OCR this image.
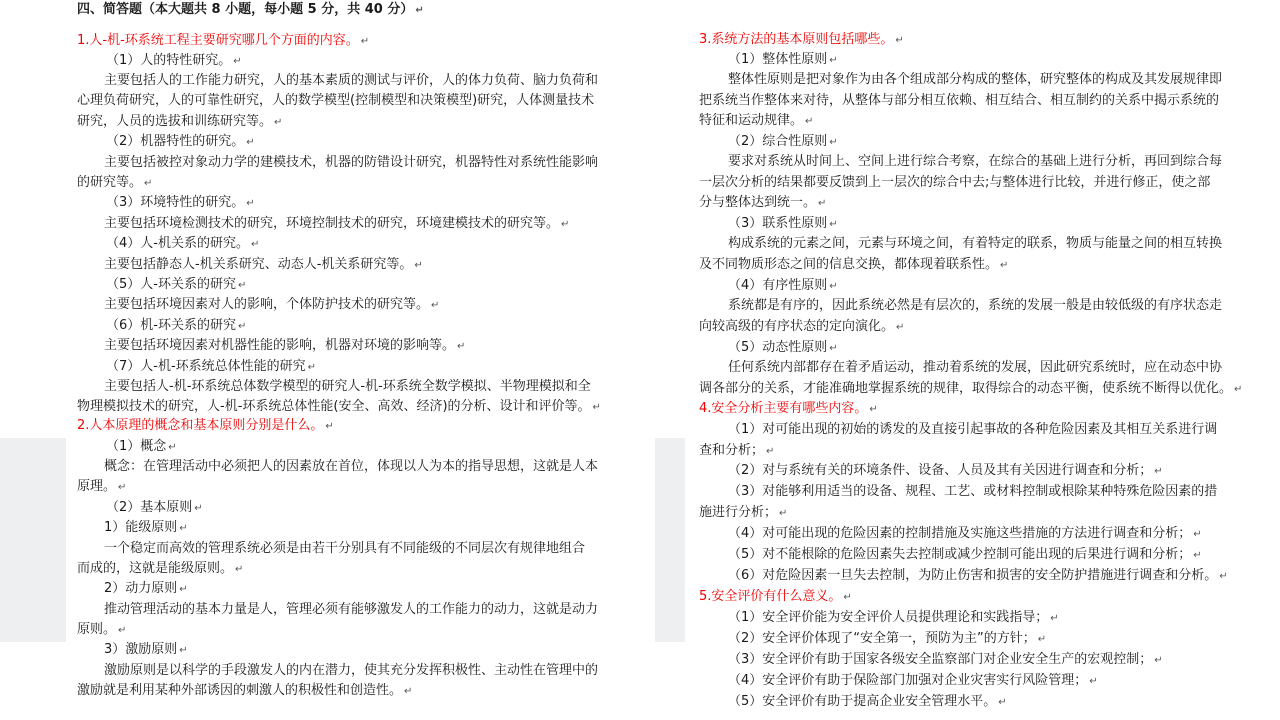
四、简答题（本大题共 8 小题，每小题 5 分，共 40 分） ↵
1.人-机-环系统工程主要研究哪几个方面的内容。 ↵
（1）人的特性研究。 ↵
主要包括人的工作能力研究，人的基本素质的测试与评价，人的体力负荷、脑力负荷和
心理负荷研究，人的可靠性研究，人的数学模型(控制模型和决策模型)研究，人体测量技术
研究，人员的选拔和训练研究等。 ↵
（2）机器特性的研究。 ↵
主要包括被控对象动力学的建模技术，机器的防错设计研究，机器特性对系统性能影响
的研究等。 ↵
（3）环境特性的研究。 ↵
主要包括环境检测技术的研究，环境控制技术的研究，环境建模技术的研究等。 ↵
（4）人-机关系的研究。 ↵
主要包括静态人-机关系研究、动态人-机关系研究等。 ↵
（5）人-环关系的研究 ↵
主要包括环境因素对人的影响，个体防护技术的研究等。 ↵
（6）机-环关系的研究 ↵
主要包括环境因素对机器性能的影响，机器对环境的影响等。 ↵
（7）人-机-环系统总体性能的研究 ↵
主要包括人-机-环系统总体数学模型的研究人-机-环系统全数学模拟、半物理模拟和全
物理模拟技术的研究，人-机-环系统总体性能(安全、高效、经济)的分析、设计和评价等。 ↵
2.人本原理的概念和基本原则分别是什么。 ↵
（1）概念 ↵
概念：在管理活动中必须把人的因素放在首位，体现以人为本的指导思想，这就是人本
原理。 ↵
（2）基本原则 ↵
1）能级原则 ↵
一个稳定而高效的管理系统必须是由若干分别具有不同能级的不同层次有规律地组合
而成的，这就是能级原则。 ↵
2）动力原则 ↵
推动管理活动的基本力量是人，管理必须有能够激发人的工作能力的动力，这就是动力
原则。 ↵
3）激励原则 ↵
激励原则是以科学的手段激发人的内在潜力，使其充分发挥积极性、主动性在管理中的
激励就是利用某种外部诱因的刺激人的积极性和创造性。 ↵
3.系统方法的基本原则包括哪些。 ↵
（1）整体性原则 ↵
整体性原则是把对象作为由各个组成部分构成的整体，研究整体的构成及其发展规律即
把系统当作整体来对待，从整体与部分相互依赖、相互结合、相互制约的关系中揭示系统的
特征和运动规律。 ↵
（2）综合性原则 ↵
要求对系统从时间上、空间上进行综合考察，在综合的基础上进行分析，再回到综合每
一层次分析的结果都要反馈到上一层次的综合中去;与整体进行比较，并进行修正，使之部
分与整体达到统一。 ↵
（3）联系性原则 ↵
构成系统的元素之间，元素与环境之间，有着特定的联系，物质与能量之间的相互转换
及不同物质形态之间的信息交换，都体现着联系性。 ↵
（4）有序性原则 ↵
系统都是有序的，因此系统必然是有层次的，系统的发展一般是由较低级的有序状态走
向较高级的有序状态的定向演化。 ↵
（5）动态性原则 ↵
任何系统内部都存在着矛盾运动，推动着系统的发展，因此研究系统时，应在动态中协
调各部分的关系，才能准确地掌握系统的规律，取得综合的动态平衡，使系统不断得以优化。 ↵
4.安全分析主要有哪些内容。 ↵
（1）对可能出现的初始的诱发的及直接引起事故的各种危险因素及其相互关系进行调
查和分析； ↵
（2）对与系统有关的环境条件、设备、人员及其有关因进行调查和分析； ↵
（3）对能够利用适当的设备、规程、工艺、或材料控制或根除某种特殊危险因素的措
施进行分析； ↵
（4）对可能出现的危险因素的控制措施及实施这些措施的方法进行调查和分析； ↵
（5）对不能根除的危险因素失去控制或减少控制可能出现的后果进行调和分析； ↵
（6）对危险因素一旦失去控制，为防止伤害和损害的安全防护措施进行调查和分析。 ↵
5.安全评价有什么意义。 ↵
（1）安全评价能为安全评价人员提供理论和实践指导； ↵
（2）安全评价体现了“安全第一，预防为主”的方针； ↵
（3）安全评价有助于国家各级安全监察部门对企业安全生产的宏观控制； ↵
（4）安全评价有助于保险部门加强对企业灾害实行风险管理； ↵
（5）安全评价有助于提高企业安全管理水平。 ↵
